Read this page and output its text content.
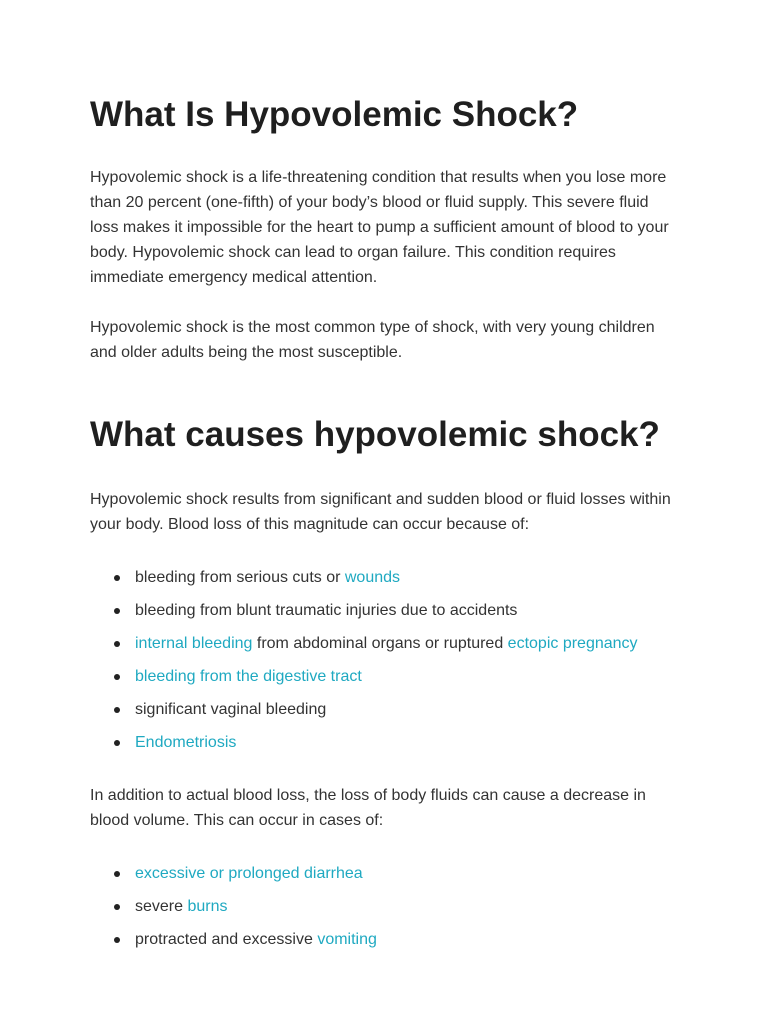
What Is Hypovolemic Shock?

Hypovolemic shock is a life-threatening condition that results when you lose more than 20 percent (one-fifth) of your body’s blood or fluid supply. This severe fluid loss makes it impossible for the heart to pump a sufficient amount of blood to your body. Hypovolemic shock can lead to organ failure. This condition requires immediate emergency medical attention.

Hypovolemic shock is the most common type of shock, with very young children and older adults being the most susceptible.

What causes hypovolemic shock?

Hypovolemic shock results from significant and sudden blood or fluid losses within your body. Blood loss of this magnitude can occur because of:

bleeding from serious cuts or wounds
bleeding from blunt traumatic injuries due to accidents
internal bleeding from abdominal organs or ruptured ectopic pregnancy
bleeding from the digestive tract
significant vaginal bleeding
Endometriosis

In addition to actual blood loss, the loss of body fluids can cause a decrease in blood volume. This can occur in cases of:

excessive or prolonged diarrhea
severe burns
protracted and excessive vomiting
